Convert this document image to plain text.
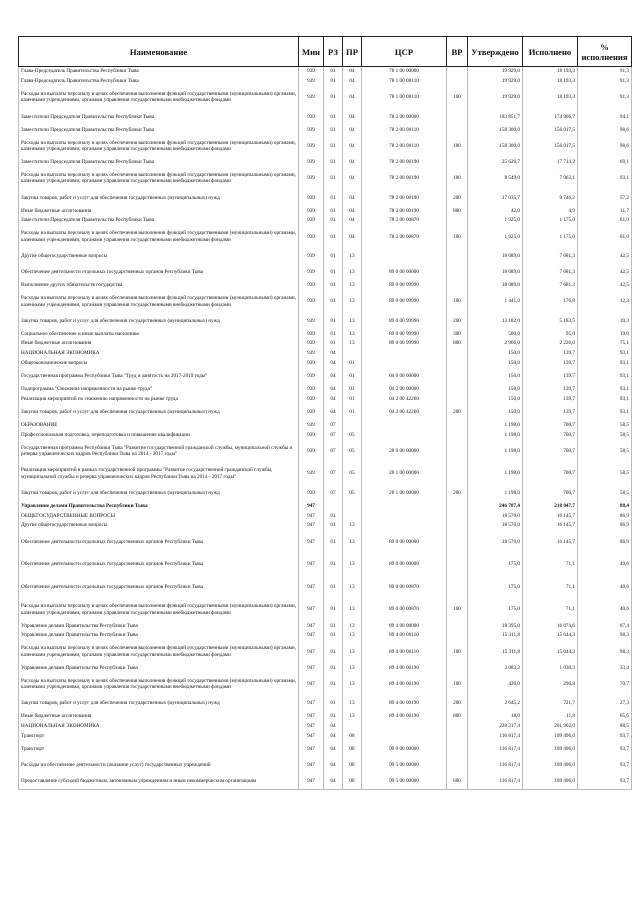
Наименование	Мин	РЗ	ПР	ЦСР	ВР	Утверждено	Исполнено	% исполнения
Глава-Председатель Правительства Республики Тыва	939	01	04	78 1 00 00000		19 929,0	18 193,3	91,3
Глава-Председатель Правительства Республики Тыва	939	01	04	78 1 00 00110		19 929,0	18 193,3	91,3
Расходы на выплаты персоналу в целях обеспечения выполнения функций государственными (муниципальными) органами, казенными учреждениями, органами управления государственными внебюджетными фондами	939	01	04	78 1 00 00110	100	19 929,0	18 193,3	91,3
Заместители Председателя Правительства Республики Тыва	939	01	04	78 2 00 00000		183 851,7	174 906,7	94,1
Заместители Председателя Правительства Республики Тыва	939	01	04	78 2 00 00110		158 300,0	156 017,5	98,6
Расходы на выплаты персоналу в целях обеспечения выполнения функций государственными (муниципальными) органами, казенными учреждениями, органами управления государственными внебюджетными фондами	939	01	04	78 2 00 00110	100	158 300,0	156 017,5	98,6
Заместители Председателя Правительства Республики Тыва	939	01	04	78 2 00 00190		25 626,7	17 714,2	69,1
Расходы на выплаты персоналу в целях обеспечения выполнения функций государственными (муниципальными) органами, казенными учреждениями, органами управления государственными внебюджетными фондами	939	01	04	78 2 00 00190	100	8 549,0	7 963,1	93,1
Закупка товаров, работ и услуг для обеспечения государственных (муниципальных) нужд	939	01	04	78 2 00 00190	200	17 035,7	9 746,2	57,2
Иные бюджетные ассигнования	939	01	04	78 2 00 00190	800	42,0	4,9	11,7
Заместители Председателя Правительства Республики Тыва	939	01	04	78 2 00 00870		1 925,0	1 175,0	61,0
Расходы на выплаты персоналу в целях обеспечения выполнения функций государственными (муниципальными) органами, казенными учреждениями, органами управления государственными внебюджетными фондами	939	01	04	78 2 00 00870	100	1 925,0	1 175,0	61,0
Другие общегосударственные вопросы	939	01	13			18 089,0	7 681,3	42,5
Обеспечение деятельности отдельных государственных органов Республики Тыва	939	01	13	89 0 00 00000		18 089,0	7 681,3	42,5
Выполнение других обязательств государства	939	01	13	89 0 00 99990		18 089,0	7 681,3	42,5
Расходы на выплаты персоналу в целях обеспечения выполнения функций государственными (муниципальными) органами, казенными учреждениями, органами управления государственными внебюджетными фондами	939	01	13	89 0 00 99990	100	1 441,0	176,8	12,3
Закупка товаров, работ и услуг для обеспечения государственных (муниципальных) нужд	939	01	13	89 0 00 99990	200	13 182,0	5 183,5	39,3
Социальное обеспечение и иные выплаты населению	939	01	13	89 0 00 99990	300	500,0	95,0	19,0
Иные бюджетные ассигнования	939	01	13	89 0 00 99990	800	2 966,0	2 226,0	75,1
НАЦИОНАЛЬНАЯ ЭКОНОМИКА	939	04				150,0	139,7	93,1
Общеэкономические вопросы	939	04	01			150,0	139,7	93,1
Государственная программа Республики Тыва "Труд и занятость на 2017-2019 годы"	939	04	01	04 0 00 00000		150,0	139,7	93,1
Подпрограмма "Снижение напряженности на рынке труда"	939	04	01	04 2 00 00000		150,0	139,7	93,1
Реализация мероприятий по снижению напряженности на рынке труда	939	04	01	04 2 00 42260		150,0	139,7	93,1
Закупка товаров, работ и услуг для обеспечения государственных (муниципальных) нужд	939	04	01	04 2 00 42260	200	150,0	139,7	93,1
ОБРАЗОВАНИЕ	939	07				1 198,0	700,7	58,5
Профессиональная подготовка, переподготовка и повышение квалификации	939	07	05			1 198,0	700,7	58,5
Государственная программа Республики Тыва "Развитие государственной гражданской службы, муниципальной службы и резерва управленческих кадров Республики Тыва на 2014 - 2017 годы"	939	07	05	28 0 00 00000		1 198,0	700,7	58,5
Реализация мероприятий в рамках государственной программы "Развитие государственной гражданской службы, муниципальной службы и резерва управленческих кадров Республики Тыва на 2014 - 2017 годы"	939	07	05	28 1 00 00000		1 198,0	700,7	58,5
Закупка товаров, работ и услуг для обеспечения государственных (муниципальных) нужд	939	07	05	28 1 00 00000	200	1 198,0	700,7	58,5
Управление делами Правительства Республики Тыва	947					246 787,4	218 047,7	88,4
ОБЩЕГОСУДАРСТВЕННЫЕ ВОПРОСЫ	947	01				18 570,0	16 145,7	86,9
Другие общегосударственные вопросы	947	01	13			18 570,0	16 145,7	86,9
Обеспечение деятельности отдельных государственных органов Республики Тыва	947	01	13	89 0 00 00000		18 570,0	16 145,7	86,9
Обеспечение деятельности отдельных государственных органов Республики Тыва	947	01	13	89 0 00 00000		175,0	71,1	40,6
Обеспечение деятельности отдельных государственных органов Республики Тыва	947	01	13	89 0 00 00870		175,0	71,1	40,6
Расходы на выплаты персоналу в целях обеспечения выполнения функций государственными (муниципальными) органами, казенными учреждениями, органами управления государственными внебюджетными фондами	947	01	13	89 0 00 00870	100	175,0	71,1	40,6
Управление делами Правительства Республики Тыва	947	01	13	89 4 00 00000		18 395,0	16 074,6	87,4
Управление делами Правительства Республики Тыва	947	01	13	89 4 00 00110		15 311,8	15 044,3	98,3
Расходы на выплаты персоналу в целях обеспечения выполнения функций государственными (муниципальными) органами, казенными учреждениями, органами управления государственными внебюджетными фондами	947	01	13	89 4 00 00110	100	15 311,8	15 044,3	98,3
Управление делами Правительства Республики Тыва	947	01	13	89 4 00 00190		3 083,2	1 030,3	33,4
Расходы на выплаты персоналу в целях обеспечения выполнения функций государственными (муниципальными) органами, казенными учреждениями, органами управления государственными внебюджетными фондами	947	01	13	89 4 00 00190	100	420,0	296,8	70,7
Закупка товаров, работ и услуг для обеспечения государственных (муниципальных) нужд	947	01	13	89 4 00 00190	200	2 645,2	721,7	27,3
Иные бюджетные ассигнования	947	01	13	89 4 00 00190	800	18,0	11,8	65,6
НАЦИОНАЛЬНАЯ ЭКОНОМИКА	947	04				228 217,4	201 902,0	88,5
Транспорт	947	04	08			116 817,4	109 496,0	93,7
Транспорт	947	04	08	99 0 00 00000		116 817,4	109 496,0	93,7
Расходы на обеспечение деятельности (оказание услуг) государственных учреждений	947	04	08	99 5 00 00000		116 817,4	109 496,0	93,7
Предоставление субсидий бюджетным, автономным учреждениям и иным некоммерческим организациям	947	04	08	99 5 00 00000	600	116 817,4	109 496,0	93,7
